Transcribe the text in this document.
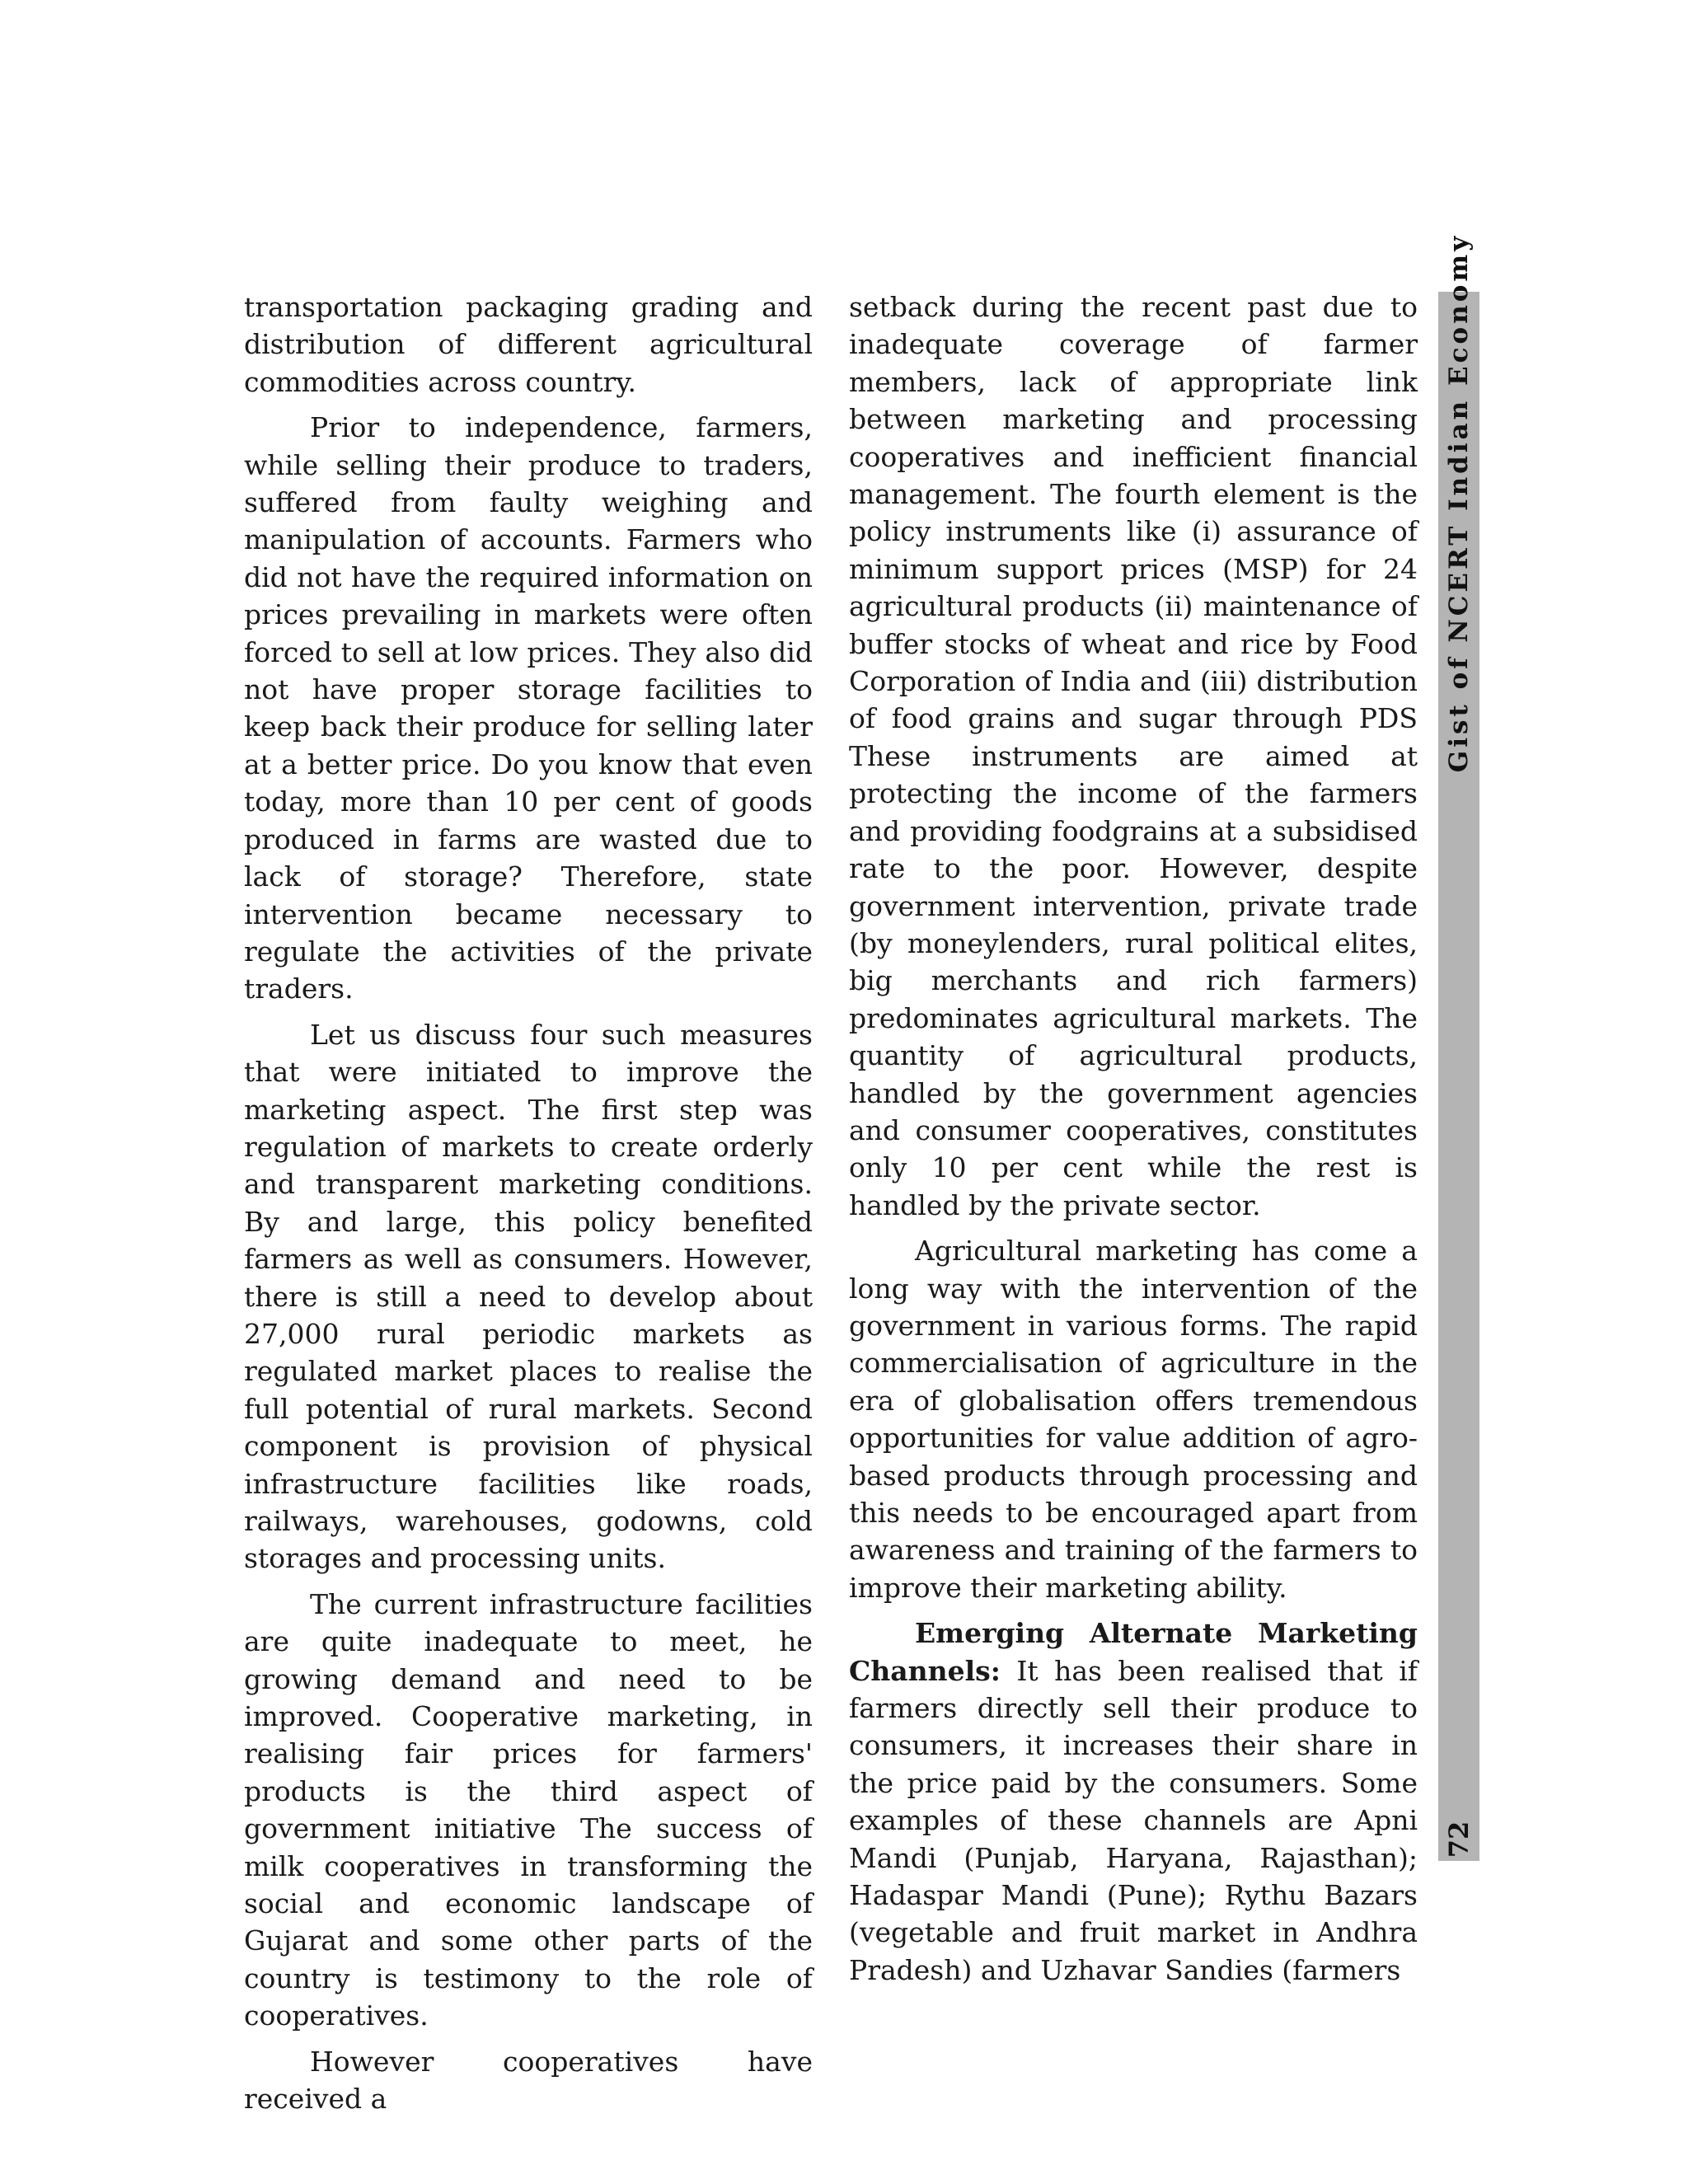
transportation packaging grading and distribution of different agricultural commodities across country.

Prior to independence, farmers, while selling their produce to traders, suffered from faulty weighing and manipulation of accounts. Farmers who did not have the required information on prices prevailing in markets were often forced to sell at low prices. They also did not have proper storage facilities to keep back their produce for selling later at a better price. Do you know that even today, more than 10 per cent of goods produced in farms are wasted due to lack of storage? Therefore, state intervention became necessary to regulate the activities of the private traders.

Let us discuss four such measures that were initiated to improve the marketing aspect. The first step was regulation of markets to create orderly and transparent marketing conditions. By and large, this policy benefited farmers as well as consumers. However, there is still a need to develop about 27,000 rural periodic markets as regulated market places to realise the full potential of rural markets. Second component is provision of physical infrastructure facilities like roads, railways, warehouses, godowns, cold storages and processing units.

The current infrastructure facilities are quite inadequate to meet, he growing demand and need to be improved. Cooperative marketing, in realising fair prices for farmers' products is the third aspect of government initiative The success of milk cooperatives in transforming the social and economic landscape of Gujarat and some other parts of the country is testimony to the role of cooperatives.

However cooperatives have received a

setback during the recent past due to inadequate coverage of farmer members, lack of appropriate link between marketing and processing cooperatives and inefficient financial management. The fourth element is the policy instruments like (i) assurance of minimum support prices (MSP) for 24 agricultural products (ii) maintenance of buffer stocks of wheat and rice by Food Corporation of India and (iii) distribution of food grains and sugar through PDS These instruments are aimed at protecting the income of the farmers and providing foodgrains at a subsidised rate to the poor. However, despite government intervention, private trade (by moneylenders, rural political elites, big merchants and rich farmers) predominates agricultural markets. The quantity of agricultural products, handled by the government agencies and consumer cooperatives, constitutes only 10 per cent while the rest is handled by the private sector.

Agricultural marketing has come a long way with the intervention of the government in various forms. The rapid commercialisation of agriculture in the era of globalisation offers tremendous opportunities for value addition of agro-based products through processing and this needs to be encouraged apart from awareness and training of the farmers to improve their marketing ability.

Emerging Alternate Marketing Channels: It has been realised that if farmers directly sell their produce to consumers, it increases their share in the price paid by the consumers. Some examples of these channels are Apni Mandi (Punjab, Haryana, Rajasthan); Hadaspar Mandi (Pune); Rythu Bazars (vegetable and fruit market in Andhra Pradesh) and Uzhavar Sandies (farmers

Gist of NCERT Indian Economy
72
